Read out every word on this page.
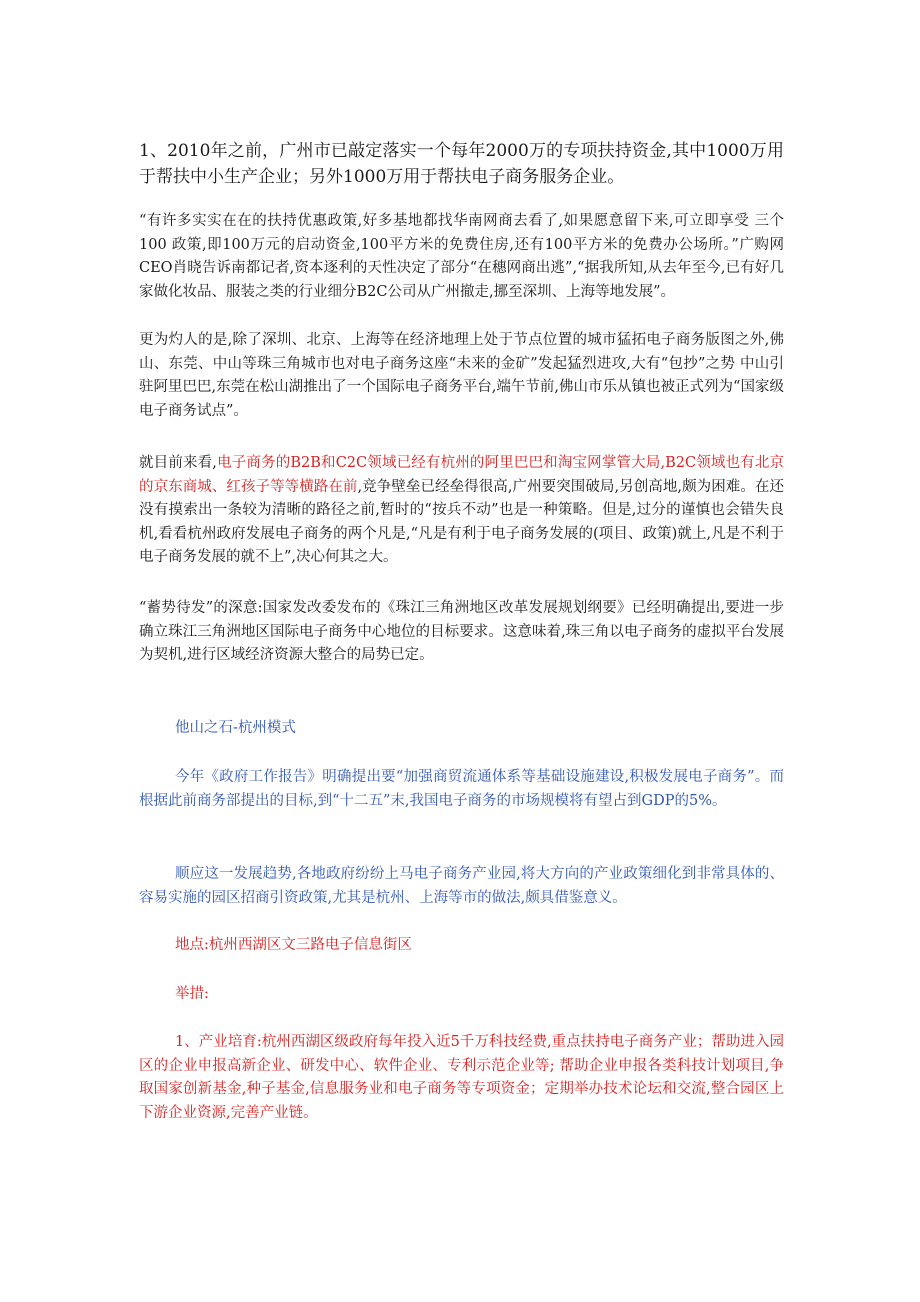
1、2010年之前，广州市已敲定落实一个每年2000万的专项扶持资金,其中1000万用于帮扶中小生产企业；另外1000万用于帮扶电子商务服务企业。

“有许多实实在在的扶持优惠政策,好多基地都找华南网商去看了,如果愿意留下来,可立即享受 三个100 政策,即100万元的启动资金,100平方米的免费住房,还有100平方米的免费办公场所。”广购网CEO肖晓告诉南都记者,资本逐利的天性决定了部分“在穗网商出逃”,“据我所知,从去年至今,已有好几家做化妆品、服装之类的行业细分B2C公司从广州撤走,挪至深圳、上海等地发展”。

更为灼人的是,除了深圳、北京、上海等在经济地理上处于节点位置的城市猛拓电子商务版图之外,佛山、东莞、中山等珠三角城市也对电子商务这座“未来的金矿”发起猛烈进攻,大有“包抄”之势 中山引驻阿里巴巴,东莞在松山湖推出了一个国际电子商务平台,端午节前,佛山市乐从镇也被正式列为“国家级电子商务试点”。

就目前来看,电子商务的B2B和C2C领域已经有杭州的阿里巴巴和淘宝网掌管大局,B2C领域也有北京的京东商城、红孩子等等横路在前,竞争壁垒已经垒得很高,广州要突围破局,另创高地,颇为困难。在还没有摸索出一条较为清晰的路径之前,暂时的“按兵不动”也是一种策略。但是,过分的谨慎也会错失良机,看看杭州政府发展电子商务的两个凡是,“凡是有利于电子商务发展的(项目、政策)就上,凡是不利于电子商务发展的就不上”,决心何其之大。

“蓄势待发”的深意:国家发改委发布的《珠江三角洲地区改革发展规划纲要》已经明确提出,要进一步确立珠江三角洲地区国际电子商务中心地位的目标要求。这意味着,珠三角以电子商务的虚拟平台发展为契机,进行区域经济资源大整合的局势已定。

他山之石-杭州模式

今年《政府工作报告》明确提出要“加强商贸流通体系等基础设施建设,积极发展电子商务”。而根据此前商务部提出的目标,到“十二五”末,我国电子商务的市场规模将有望占到GDP的5%。

顺应这一发展趋势,各地政府纷纷上马电子商务产业园,将大方向的产业政策细化到非常具体的、容易实施的园区招商引资政策,尤其是杭州、上海等市的做法,颇具借鉴意义。

地点:杭州西湖区文三路电子信息街区

举措:

1、产业培育:杭州西湖区级政府每年投入近5千万科技经费,重点扶持电子商务产业；帮助进入园区的企业申报高新企业、研发中心、软件企业、专利示范企业等; 帮助企业申报各类科技计划项目,争取国家创新基金,种子基金,信息服务业和电子商务等专项资金；定期举办技术论坛和交流,整合园区上下游企业资源,完善产业链。
